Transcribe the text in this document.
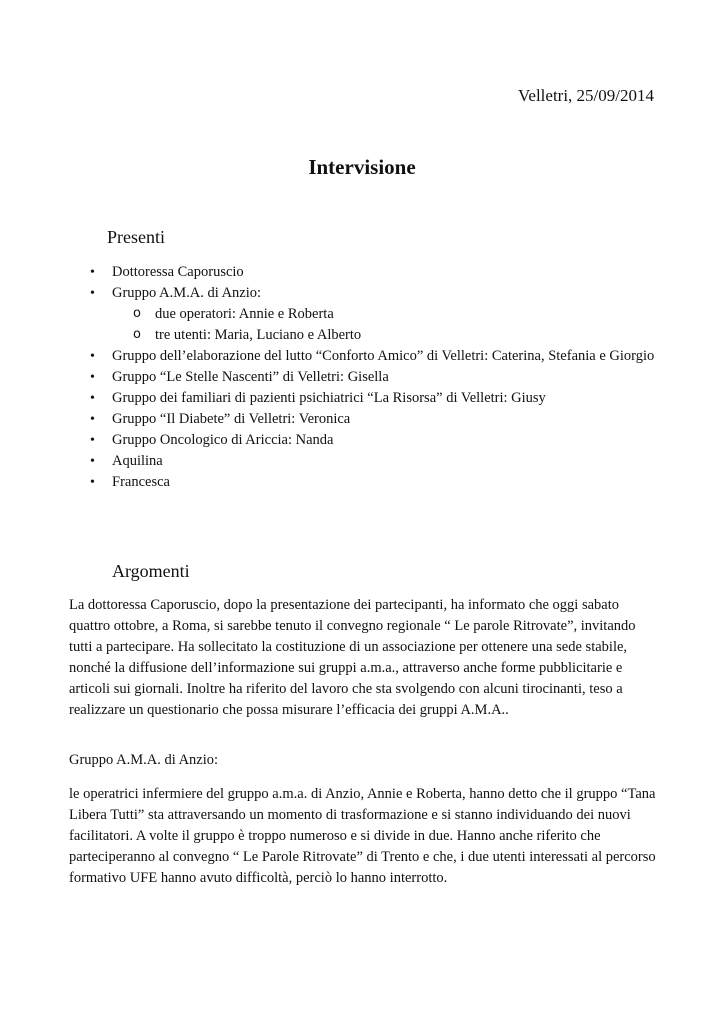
Velletri, 25/09/2014
Intervisione
Presenti
• Dottoressa Caporuscio
• Gruppo A.M.A. di Anzio:
o due operatori: Annie e Roberta
o tre utenti: Maria, Luciano e Alberto
• Gruppo dell’elaborazione del lutto “Conforto Amico” di Velletri: Caterina, Stefania e Giorgio
• Gruppo “Le Stelle Nascenti” di Velletri: Gisella
• Gruppo dei familiari di pazienti psichiatrici “La Risorsa” di Velletri: Giusy
• Gruppo “Il Diabete” di Velletri: Veronica
• Gruppo Oncologico di Ariccia: Nanda
• Aquilina
• Francesca
Argomenti

La dottoressa Caporuscio, dopo la presentazione dei partecipanti, ha informato che oggi sabato quattro ottobre, a Roma, si sarebbe tenuto il convegno regionale “ Le parole Ritrovate”, invitando tutti a partecipare. Ha sollecitato la costituzione di un associazione per ottenere una sede stabile, nonché la diffusione dell’informazione sui gruppi a.m.a., attraverso anche forme pubblicitarie e articoli sui giornali. Inoltre ha riferito del lavoro che sta svolgendo con alcuni tirocinanti, teso a realizzare un questionario che possa misurare l’efficacia dei gruppi A.M.A..

Gruppo A.M.A. di Anzio:

le operatrici infermiere del gruppo a.m.a. di Anzio, Annie e Roberta, hanno detto che il gruppo “Tana Libera Tutti” sta attraversando un momento di trasformazione e si stanno individuando dei nuovi facilitatori. A volte il gruppo è troppo numeroso e si divide in due. Hanno anche riferito che parteciperanno al convegno “ Le Parole Ritrovate” di Trento e che, i due utenti interessati al percorso formativo UFE hanno avuto difficoltà, perciò lo hanno interrotto.
